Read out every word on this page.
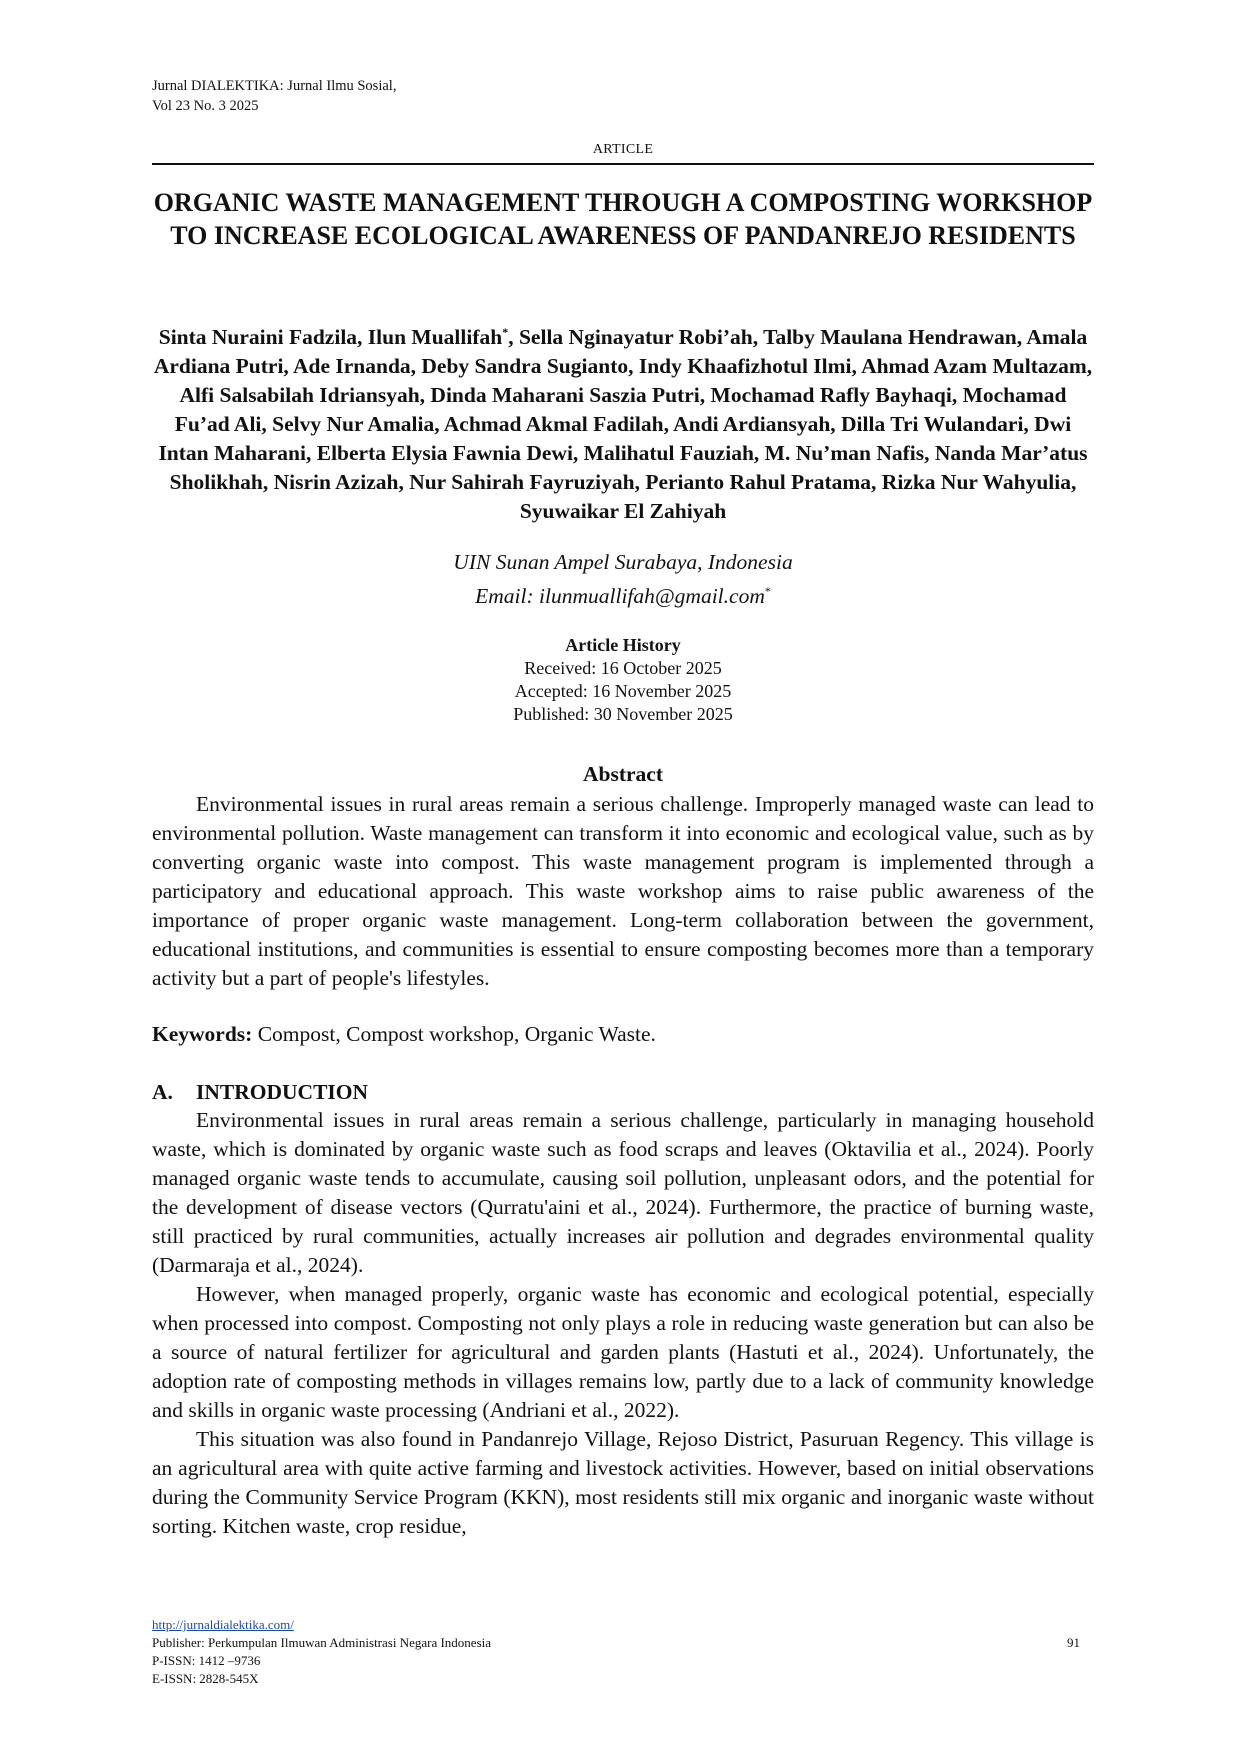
Jurnal DIALEKTIKA: Jurnal Ilmu Sosial,
Vol 23 No. 3 2025
ARTICLE
ORGANIC WASTE MANAGEMENT THROUGH A COMPOSTING WORKSHOP TO INCREASE ECOLOGICAL AWARENESS OF PANDANREJO RESIDENTS
Sinta Nuraini Fadzila, Ilun Muallifah*, Sella Nginayatur Robi’ah, Talby Maulana Hendrawan, Amala Ardiana Putri, Ade Irnanda, Deby Sandra Sugianto, Indy Khaafizhotul Ilmi, Ahmad Azam Multazam, Alfi Salsabilah Idriansyah, Dinda Maharani Saszia Putri, Mochamad Rafly Bayhaqi, Mochamad Fu’ad Ali, Selvy Nur Amalia, Achmad Akmal Fadilah, Andi Ardiansyah, Dilla Tri Wulandari, Dwi Intan Maharani, Elberta Elysia Fawnia Dewi, Malihatul Fauziah, M. Nu’man Nafis, Nanda Mar’atus Sholikhah, Nisrin Azizah, Nur Sahirah Fayruziyah, Perianto Rahul Pratama, Rizka Nur Wahyulia, Syuwaikar El Zahiyah
UIN Sunan Ampel Surabaya, Indonesia
Email: ilunmuallifah@gmail.com*
Article History
Received: 16 October 2025
Accepted: 16 November 2025
Published: 30 November 2025
Abstract

Environmental issues in rural areas remain a serious challenge. Improperly managed waste can lead to environmental pollution. Waste management can transform it into economic and ecological value, such as by converting organic waste into compost. This waste management program is implemented through a participatory and educational approach. This waste workshop aims to raise public awareness of the importance of proper organic waste management. Long-term collaboration between the government, educational institutions, and communities is essential to ensure composting becomes more than a temporary activity but a part of people's lifestyles.

Keywords: Compost, Compost workshop, Organic Waste.
A. INTRODUCTION

Environmental issues in rural areas remain a serious challenge, particularly in managing household waste, which is dominated by organic waste such as food scraps and leaves (Oktavilia et al., 2024). Poorly managed organic waste tends to accumulate, causing soil pollution, unpleasant odors, and the potential for the development of disease vectors (Qurratu'aini et al., 2024). Furthermore, the practice of burning waste, still practiced by rural communities, actually increases air pollution and degrades environmental quality (Darmaraja et al., 2024).

However, when managed properly, organic waste has economic and ecological potential, especially when processed into compost. Composting not only plays a role in reducing waste generation but can also be a source of natural fertilizer for agricultural and garden plants (Hastuti et al., 2024). Unfortunately, the adoption rate of composting methods in villages remains low, partly due to a lack of community knowledge and skills in organic waste processing (Andriani et al., 2022).

This situation was also found in Pandanrejo Village, Rejoso District, Pasuruan Regency. This village is an agricultural area with quite active farming and livestock activities. However, based on initial observations during the Community Service Program (KKN), most residents still mix organic and inorganic waste without sorting. Kitchen waste, crop residue,

http://jurnaldialektika.com/
Publisher: Perkumpulan Ilmuwan Administrasi Negara Indonesia	91
P-ISSN: 1412 –9736
E-ISSN: 2828-545X
